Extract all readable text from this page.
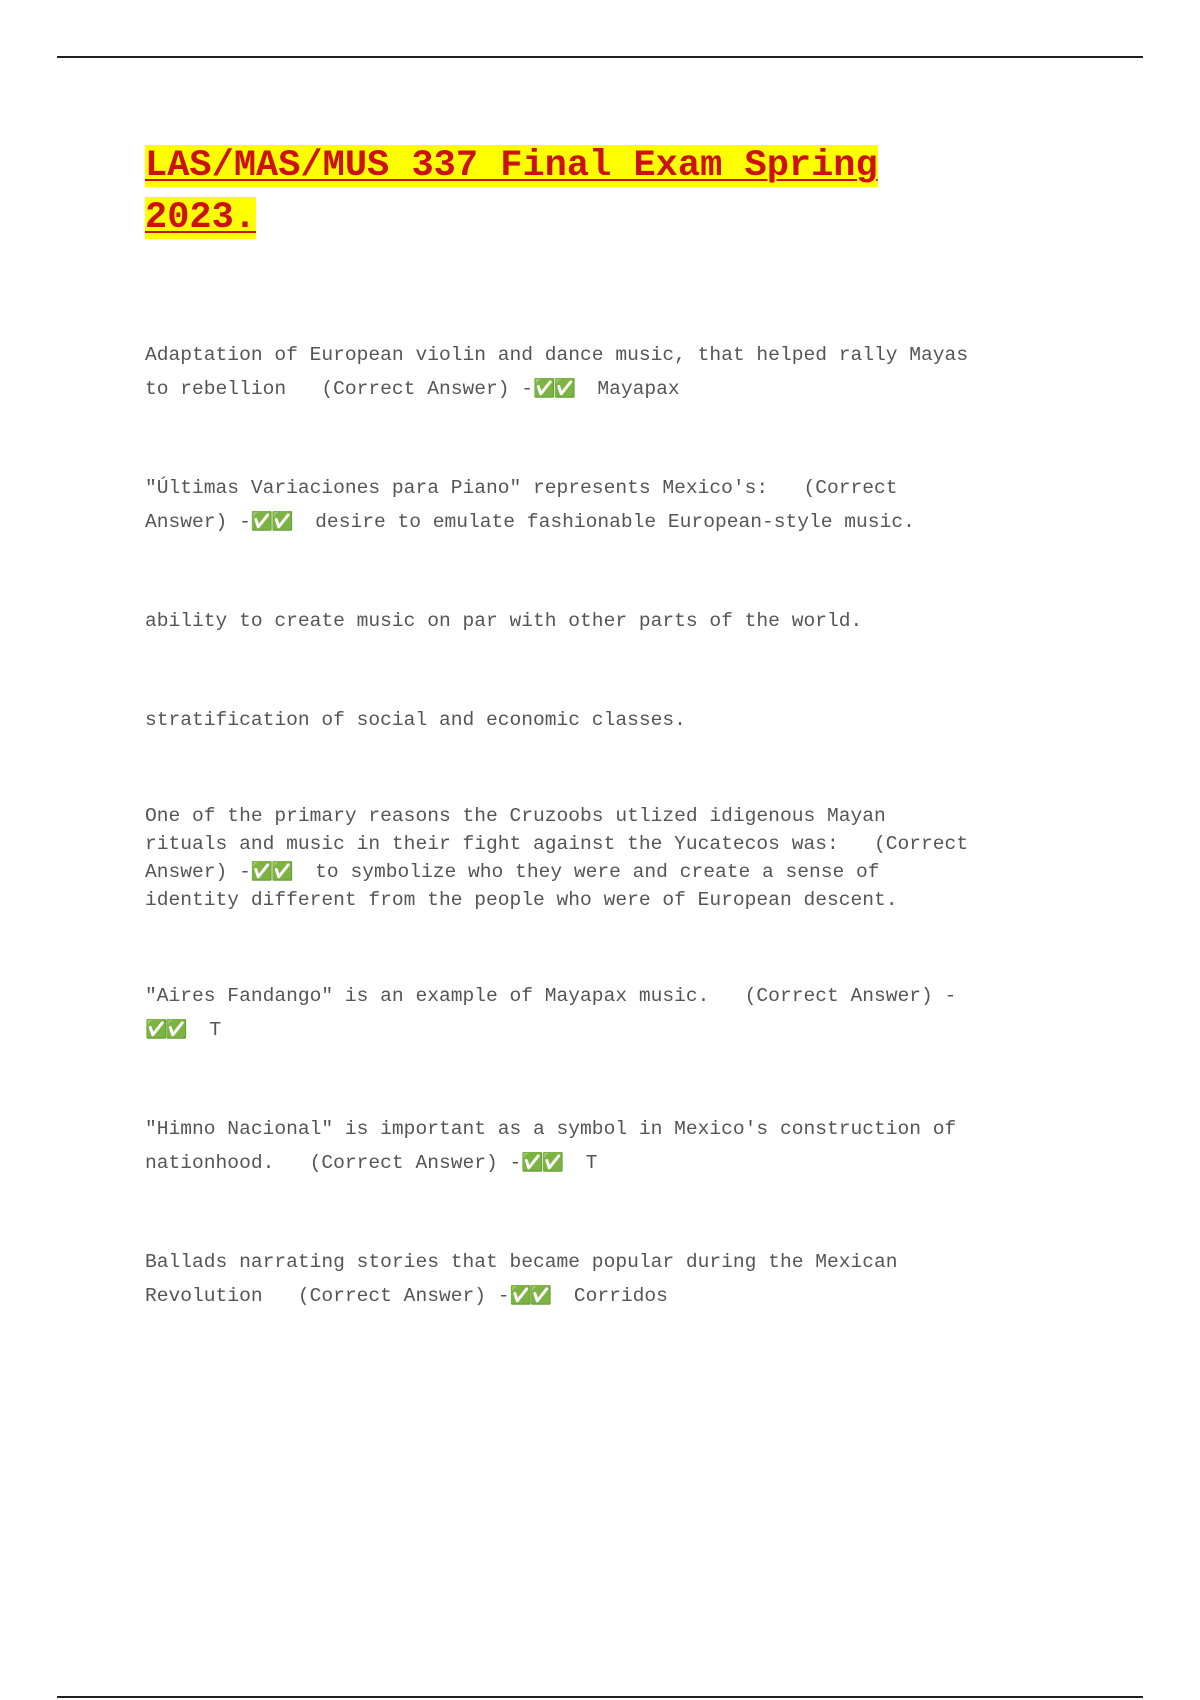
LAS/MAS/MUS 337 Final Exam Spring
2023.
Adaptation of European violin and dance music, that helped rally Mayas
to rebellion   (Correct Answer) -✅✅  Mayapax
"Últimas Variaciones para Piano" represents Mexico's:   (Correct
Answer) -✅✅  desire to emulate fashionable European-style music.
ability to create music on par with other parts of the world.
stratification of social and economic classes.
One of the primary reasons the Cruzoobs utlized idigenous Mayan
rituals and music in their fight against the Yucatecos was:   (Correct
Answer) -✅✅  to symbolize who they were and create a sense of
identity different from the people who were of European descent.
"Aires Fandango" is an example of Mayapax music.   (Correct Answer) -
✅✅  T
"Himno Nacional" is important as a symbol in Mexico's construction of
nationhood.   (Correct Answer) -✅✅  T
Ballads narrating stories that became popular during the Mexican
Revolution   (Correct Answer) -✅✅  Corridos
